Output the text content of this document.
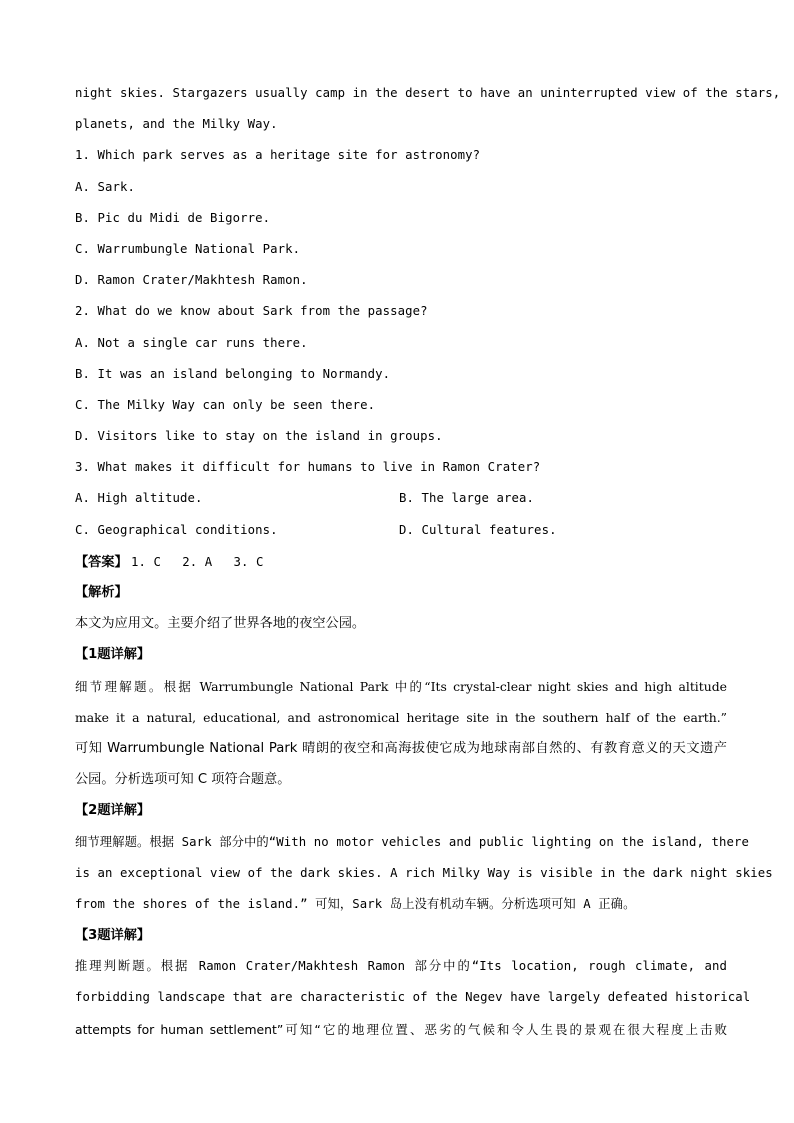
night skies. Stargazers usually camp in the desert to have an uninterrupted view of the stars,
planets, and the Milky Way.
1. Which park serves as a heritage site for astronomy?
A. Sark.
B. Pic du Midi de Bigorre.
C. Warrumbungle National Park.
D. Ramon Crater/Makhtesh Ramon.
2. What do we know about Sark from the passage?
A. Not a single car runs there.
B. It was an island belonging to Normandy.
C. The Milky Way can only be seen there.
D. Visitors like to stay on the island in groups.
3. What makes it difficult for humans to live in Ramon Crater?
A. High altitude.	B. The large area.
C. Geographical conditions.	D. Cultural features.
【答案】 1. C 2. A 3. C
【解析】
本文为应用文。主要介绍了世界各地的夜空公园。
【1题详解】
细节理解题。根据 Warrumbungle National Park 中的“Its crystal-clear night skies and high altitude
make it a natural, educational, and astronomical heritage site in the southern half of the earth.”
可知 Warrumbungle National Park 晴朗的夜空和高海拔使它成为地球南部自然的、有教育意义的天文遗产
公园。分析选项可知 C 项符合题意。
【2题详解】
细节理解题。根据 Sark 部分中的“With no motor vehicles and public lighting on the island, there
is an exceptional view of the dark skies. A rich Milky Way is visible in the dark night skies
from the shores of the island.” 可知，Sark 岛上没有机动车辆。分析选项可知 A 正确。
【3题详解】
推理判断题。根据 Ramon Crater/Makhtesh Ramon 部分中的“Its location, rough climate, and
forbidding landscape that are characteristic of the Negev have largely defeated historical
attempts for human settlement”可知“它的地理位置、恶劣的气候和令人生畏的景观在很大程度上击败
